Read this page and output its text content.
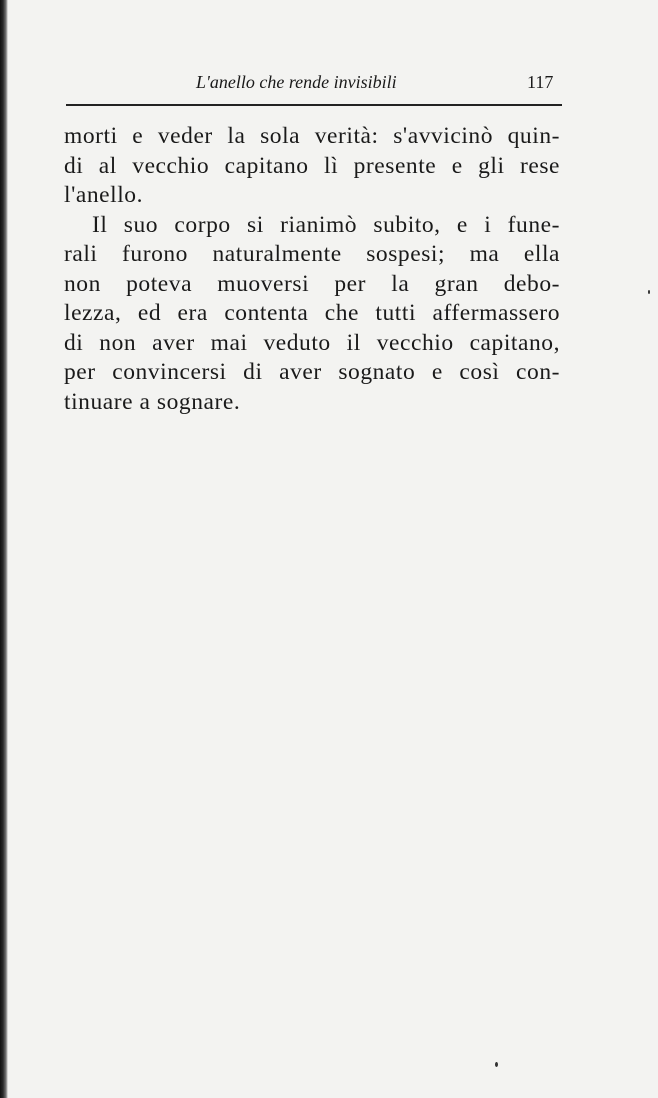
L'anello che rende invisibili	117
morti e veder la sola verità: s'avvicinò quin-
di al vecchio capitano lì presente e gli rese
l'anello.
Il suo corpo si rianimò subito, e i fune-
rali furono naturalmente sospesi; ma ella
non poteva muoversi per la gran debo-
lezza, ed era contenta che tutti affermassero
di non aver mai veduto il vecchio capitano,
per convincersi di aver sognato e così con-
tinuare a sognare.
